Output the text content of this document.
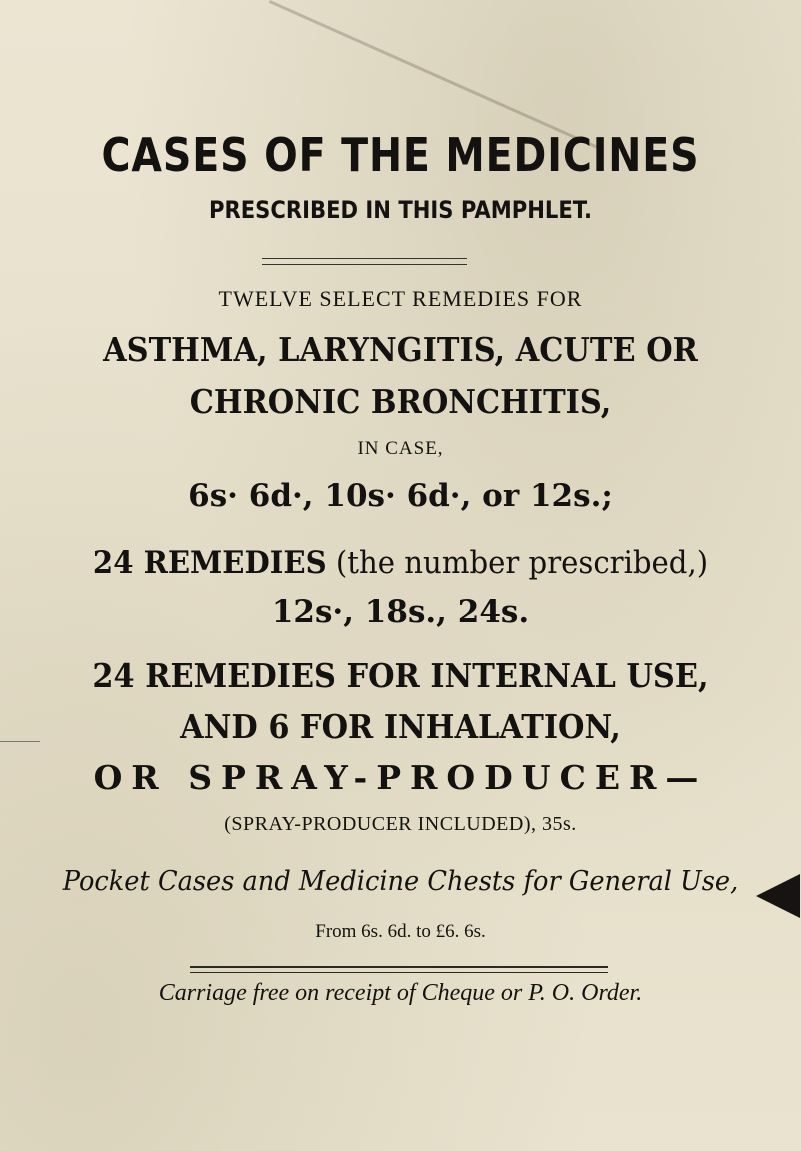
CASES OF THE MEDICINES
PRESCRIBED IN THIS PAMPHLET.
TWELVE SELECT REMEDIES FOR
ASTHMA, LARYNGITIS, ACUTE OR
CHRONIC BRONCHITIS,
IN CASE,
6s· 6d·, 10s· 6d·, or 12s.;
24 REMEDIES (the number prescribed,)
12s·, 18s., 24s.
24 REMEDIES FOR INTERNAL USE,
AND 6 FOR INHALATION,
OR SPRAY-PRODUCER—
(SPRAY-PRODUCER INCLUDED), 35s.
Pocket Cases and Medicine Chests for General Use,
From 6s. 6d. to £6. 6s.
Carriage free on receipt of Cheque or P. O. Order.
